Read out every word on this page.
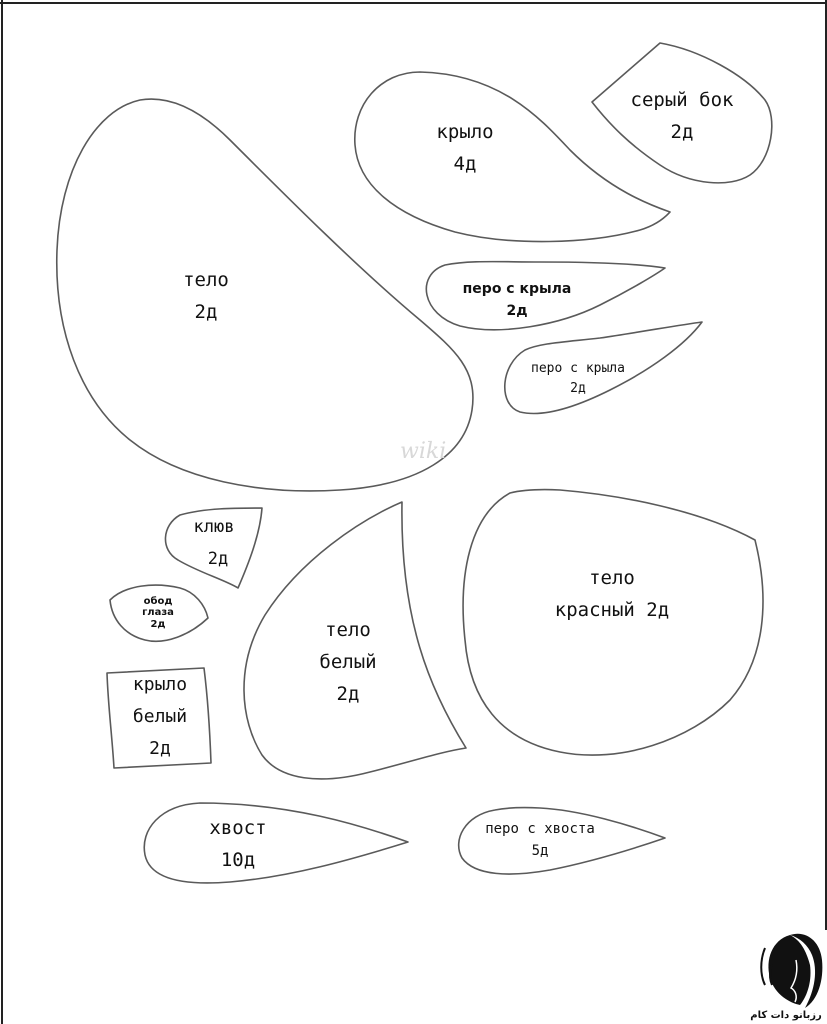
тело
2д
крыло
4д
серый бок
2д
перо с крыла
2д
перо с крыла
2д
wiki
клюв
2д
обод
глаза
2д
крыло
белый
2д
тело
белый
2д
тело
красный 2д
хвост
10д
перо с хвоста
5д
رزبانو دات کام
